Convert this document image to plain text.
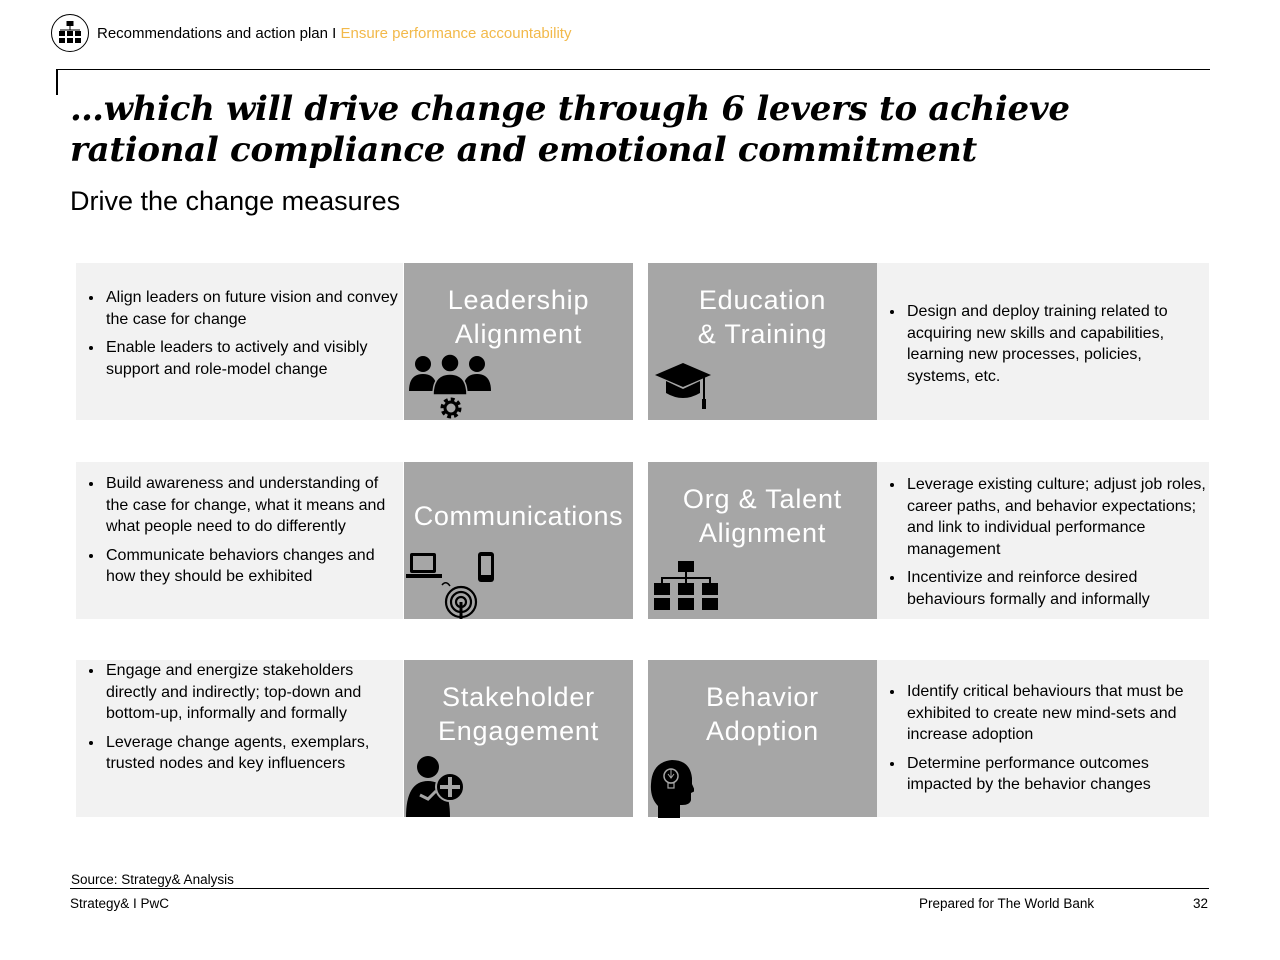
Recommendations and action plan I Ensure performance accountability
…which will drive change through 6 levers to achieve rational compliance and emotional commitment
Drive the change measures
• Align leaders on future vision and convey the case for change
• Enable leaders to actively and visibly support and role-model change
Leadership
Alignment
Education
& Training
• Design and deploy training related to acquiring new skills and capabilities, learning new processes, policies, systems, etc.
• Build awareness and understanding of the case for change, what it means and what people need to do differently
• Communicate behaviors changes and how they should be exhibited
Communications
Org & Talent
Alignment
• Leverage existing culture; adjust job roles, career paths, and behavior expectations; and link to individual performance management
• Incentivize and reinforce desired behaviours formally and informally
• Engage and energize stakeholders directly and indirectly; top-down and bottom-up, informally and formally
• Leverage change agents, exemplars, trusted nodes and key influencers
Stakeholder
Engagement
Behavior
Adoption
• Identify critical behaviours that must be exhibited to create new mind-sets and increase adoption
• Determine performance outcomes impacted by the behavior changes
Source: Strategy& Analysis
Strategy& I PwC	Prepared for The World Bank	32
